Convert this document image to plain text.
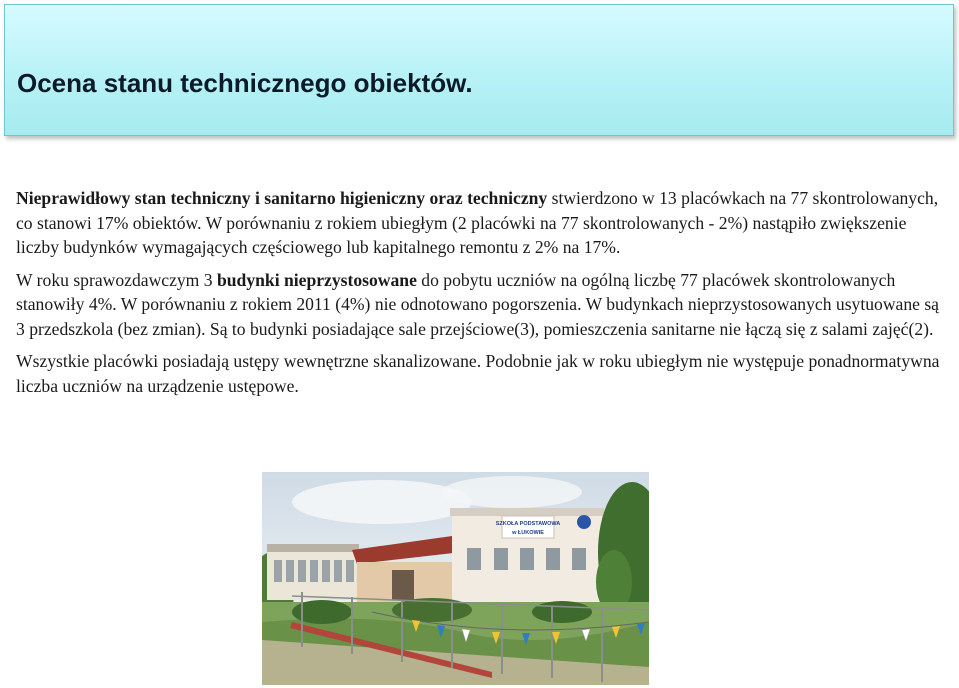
Ocena stanu technicznego obiektów.

Nieprawidłowy stan techniczny i sanitarno higieniczny oraz techniczny stwierdzono w 13 placówkach na 77 skontrolowanych, co stanowi 17% obiektów. W porównaniu z rokiem ubiegłym (2 placówki na 77 skontrolowanych - 2%) nastąpiło zwiększenie liczby budynków wymagających częściowego lub kapitalnego remontu z 2% na 17%.

W roku sprawozdawczym 3 budynki nieprzystosowane do pobytu uczniów na ogólną liczbę 77 placówek skontrolowanych stanowiły 4%. W porównaniu z rokiem 2011 (4%) nie odnotowano pogorszenia. W budynkach nieprzystosowanych usytuowane są 3 przedszkola (bez zmian). Są to budynki posiadające sale przejściowe(3), pomieszczenia sanitarne nie łączą się z salami zajęć(2).

Wszystkie placówki posiadają ustępy wewnętrzne skanalizowane. Podobnie jak w roku ubiegłym nie występuje ponadnormatywna liczba uczniów na urządzenie ustępowe.

SZKOŁA PODSTAWOWA
w ŁUKOWIE
